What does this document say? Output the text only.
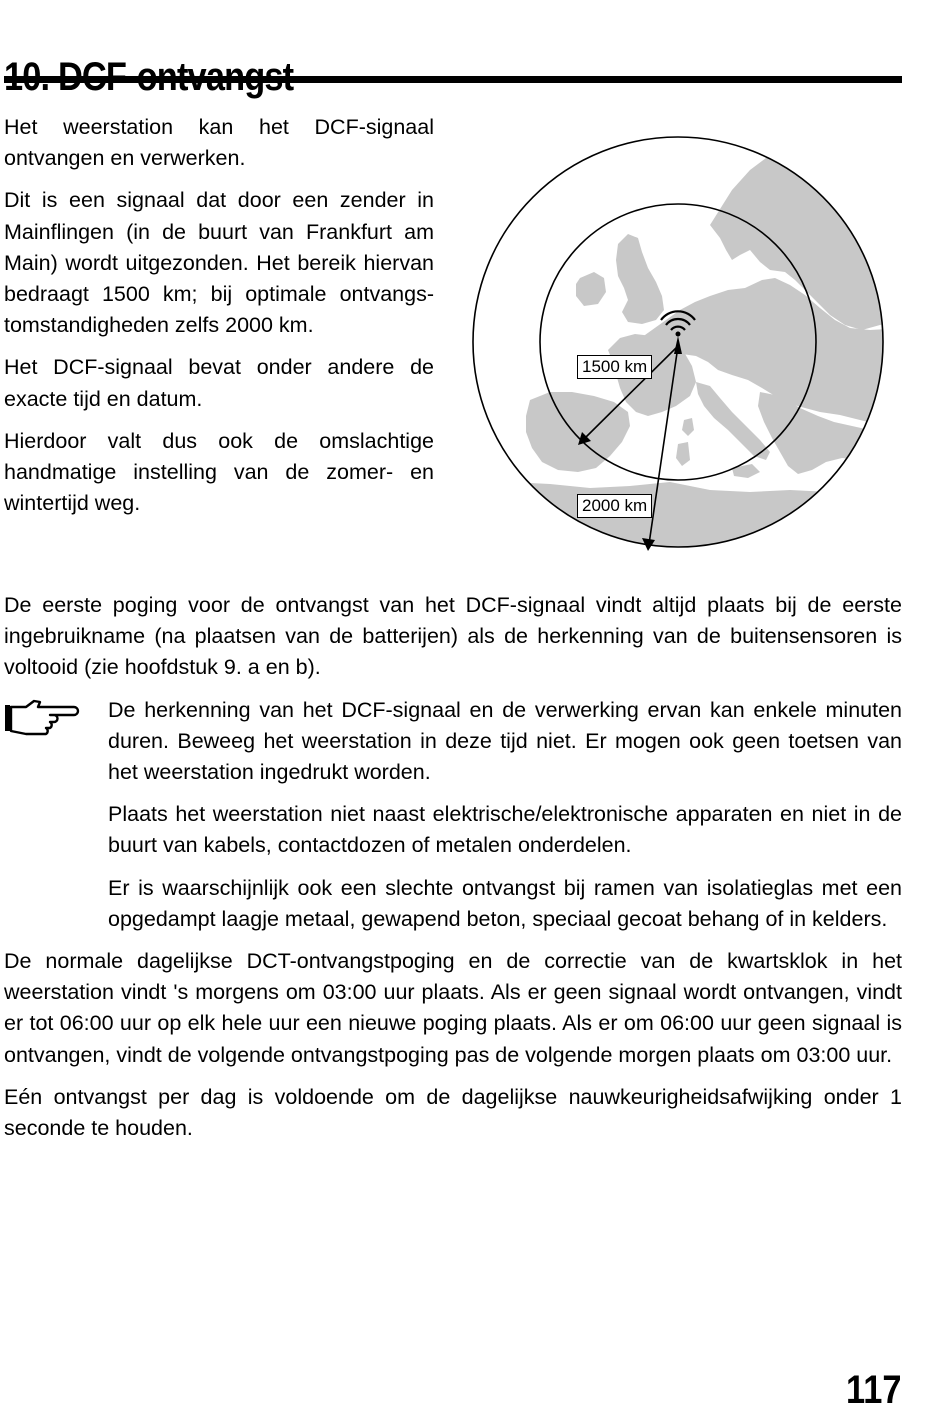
Het weerstation kan het DCF-signaal ontvangen en verwerken.

Dit is een signaal dat door een zender in Mainflingen (in de buurt van Frankfurt am Main) wordt uitgezonden. Het bereik hiervan bedraagt 1500 km; bij optimale ontvangs-tomstandigheden zelfs 2000 km.

Het DCF-signaal bevat onder andere de exacte tijd en datum.

Hierdoor valt dus ook de omslachtige handmatige instelling van de zomer- en wintertijd weg.

1500 km
2000 km

De eerste poging voor de ontvangst van het DCF-signaal vindt altijd plaats bij de eerste ingebruikname (na plaatsen van de batterijen) als de herkenning van de buitensensoren is voltooid (zie hoofdstuk 9. a en b).

De herkenning van het DCF-signaal en de verwerking ervan kan enkele minuten duren. Beweeg het weerstation in deze tijd niet. Er mogen ook geen toetsen van het weerstation ingedrukt worden.

Plaats het weerstation niet naast elektrische/elektronische apparaten en niet in de buurt van kabels, contactdozen of metalen onderdelen.

Er is waarschijnlijk ook een slechte ontvangst bij ramen van isolatieglas met een opgedampt laagje metaal, gewapend beton, speciaal gecoat behang of in kelders.

De normale dagelijkse DCT-ontvangstpoging en de correctie van de kwartsklok in het weerstation vindt 's morgens om 03:00 uur plaats. Als er geen signaal wordt ontvangen, vindt er tot 06:00 uur op elk hele uur een nieuwe poging plaats. Als er om 06:00 uur geen signaal is ontvangen, vindt de volgende ontvangstpoging pas de volgende morgen plaats om 03:00 uur.

Eén ontvangst per dag is voldoende om de dagelijkse nauwkeurigheidsafwijking onder 1 seconde te houden.

117
